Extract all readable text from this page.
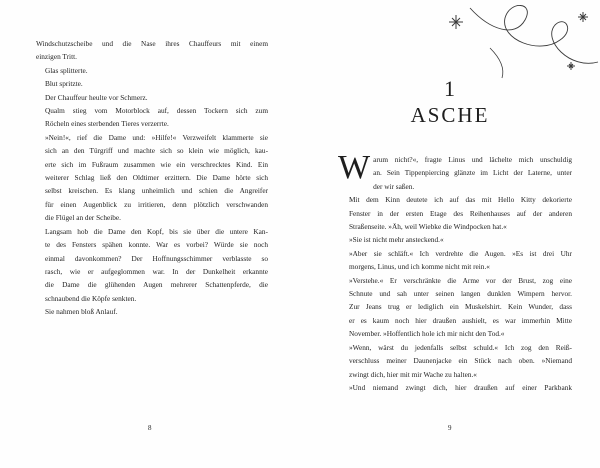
Windschutzscheibe und die Nase ihres Chauffeurs mit einem
einzigen Tritt.

Glas splitterte.

Blut spritzte.

Der Chauffeur heulte vor Schmerz.

Qualm stieg vom Motorblock auf, dessen Tockern sich zum
Röcheln eines sterbenden Tieres verzerrte.

»Nein!«, rief die Dame und: »Hilfe!« Verzweifelt klammerte sie
sich an den Türgriff und machte sich so klein wie möglich, kau-
erte sich im Fußraum zusammen wie ein verschrecktes Kind. Ein
weiterer Schlag ließ den Oldtimer erzittern. Die Dame hörte sich
selbst kreischen. Es klang unheimlich und schien die Angreifer
für einen Augenblick zu irritieren, denn plötzlich verschwanden
die Flügel an der Scheibe.

Langsam hob die Dame den Kopf, bis sie über die untere Kan-
te des Fensters spähen konnte. War es vorbei? Würde sie noch
einmal davonkommen? Der Hoffnungsschimmer verblasste so
rasch, wie er aufgeglommen war. In der Dunkelheit erkannte
die Dame die glühenden Augen mehrerer Schattenpferde, die
schnaubend die Köpfe senkten.

Sie nahmen bloß Anlauf.

8
1
ASCHE

W arum nicht?«, fragte Linus und lächelte mich unschuldig
an. Sein Tippenpiercing glänzte im Licht der Laterne, unter
der wir saßen.

Mit dem Kinn deutete ich auf das mit Hello Kitty dekorierte
Fenster in der ersten Etage des Reihenhauses auf der anderen
Straßenseite. »Äh, weil Wiebke die Windpocken hat.«

»Sie ist nicht mehr ansteckend.«

»Aber sie schläft.« Ich verdrehte die Augen. »Es ist drei Uhr
morgens, Linus, und ich komme nicht mit rein.«

»Verstehe.« Er verschränkte die Arme vor der Brust, zog eine
Schnute und sah unter seinen langen dunklen Wimpern hervor.
Zur Jeans trug er lediglich ein Muskelshirt. Kein Wunder, dass
er es kaum noch hier draußen aushielt, es war immerhin Mitte
November. »Hoffentlich hole ich mir nicht den Tod.«

»Wenn, wärst du jedenfalls selbst schuld.« Ich zog den Reiß-
verschluss meiner Daunenjacke ein Stück nach oben. »Niemand
zwingt dich, hier mit mir Wache zu halten.«

»Und niemand zwingt dich, hier draußen auf einer Parkbank

9
